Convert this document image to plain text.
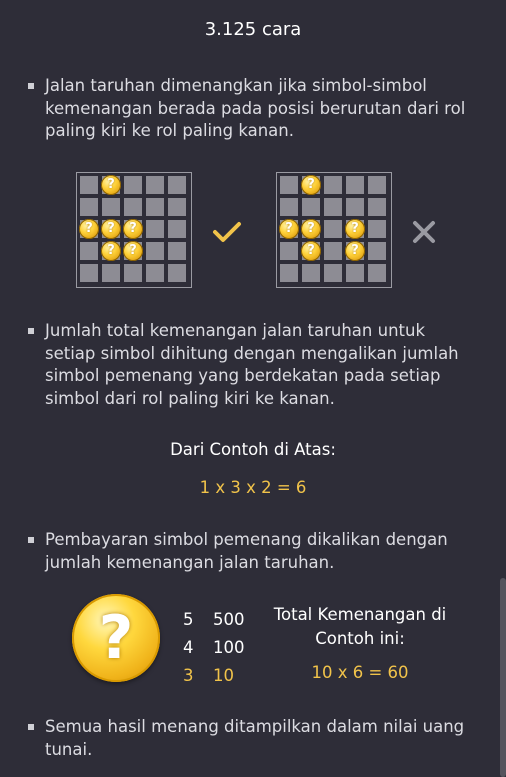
3.125 cara
Jalan taruhan dimenangkan jika simbol-simbol kemenangan berada pada posisi berurutan dari rol paling kiri ke rol paling kanan.
?
?	?	?
?	?
?
?	?	?
?	?
Jumlah total kemenangan jalan taruhan untuk setiap simbol dihitung dengan mengalikan jumlah simbol pemenang yang berdekatan pada setiap simbol dari rol paling kiri ke kanan.
Dari Contoh di Atas:
1 x 3 x 2 = 6
Pembayaran simbol pemenang dikalikan dengan jumlah kemenangan jalan taruhan.
?	5 500
4 100
3 10
Total Kemenangan di Contoh ini:
10 x 6 = 60
Semua hasil menang ditampilkan dalam nilai uang tunai.
